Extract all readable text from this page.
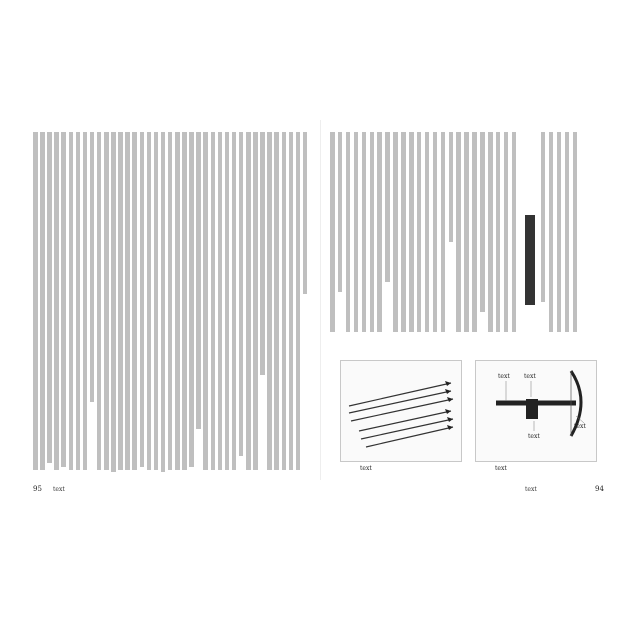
text
text text
text
text
text
95 text	text	94
